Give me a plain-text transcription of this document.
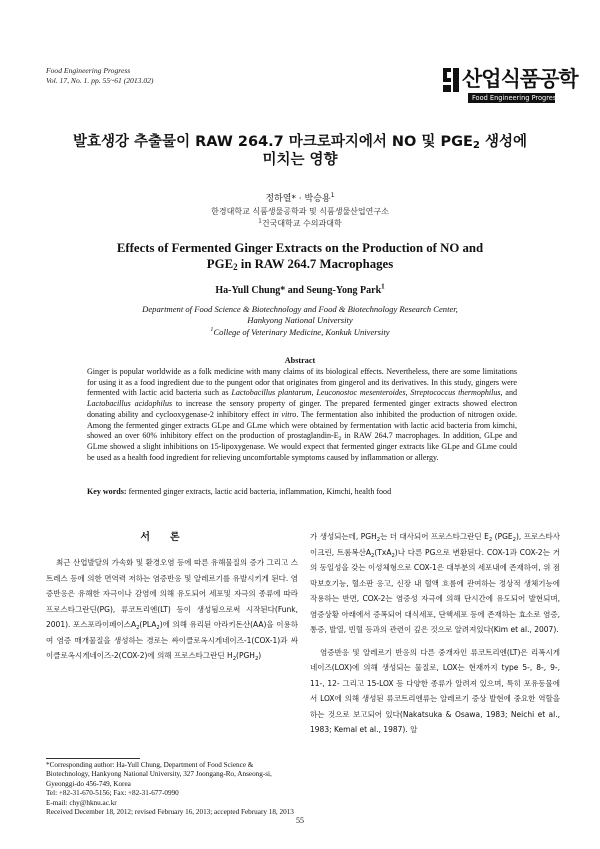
Food Engineering Progress
Vol. 17, No. 1. pp. 55~61 (2013.02)	산업식품공학
Food Engineering Progress
발효생강 추출물이 RAW 264.7 마크로파지에서 NO 및 $PGE_2$ 생성에
미치는 영향
정하열* · 박승용$^1$
한경대학교 식품생물공학과 및 식품생물산업연구소
$^1$건국대학교 수의과대학
Effects of Fermented Ginger Extracts on the Production of NO and
$PGE_2$ in RAW 264.7 Macrophages
Ha-Yull Chung* and Seung-Yong Park$^1$
Department of Food Science & Biotechnology and Food & Biotechnology Research Center,
Hankyong National University
$^1$College of Veterinary Medicine, Konkuk University
Abstract
Ginger is popular worldwide as a folk medicine with many claims of its biological effects. Nevertheless, there are some limitations for using it as a food ingredient due to the pungent odor that originates from gingerol and its derivatives. In this study, gingers were fermented with lactic acid bacteria such as Lactobacillus plantarum, Leuconostoc mesenteroides, Streptococcus thermophilus, and Lactobacillus acidophilus to increase the sensory property of ginger. The prepared fermented ginger extracts showed electron donating ability and cyclooxygenase-2 inhibitory effect in vitro. The fermentation also inhibited the production of nitrogen oxide. Among the fermented ginger extracts GLpe and GLme which were obtained by fermentation with lactic acid bacteria from kimchi, showed an over 60% inhibitory effect on the production of prostaglandin-$E_2$ in RAW 264.7 macrophages. In addition, GLpe and GLme showed a slight inhibitions on 15-lipoxygenase. We would expect that fermented ginger extracts like GLpe and GLme could be used as a health food ingredient for relieving uncomfortable symptoms caused by inflammation or allergy.
Key words: fermented ginger extracts, lactic acid bacteria, inflammation, Kimchi, health food
서론
최근 산업발달의 가속화 및 환경오염 등에 따른 유해물질의 증가 그리고 스트레스 등에 의한 면역력 저하는 염증반응 및 알레르기를 유발시키게 된다. 염증반응은 유해한 자극이나 감염에 의해 유도되어 세포및 자극의 종류에 따라 프로스타그란딘(PG), 류코트리엔(LT) 등이 생성됨으로써 시작된다(Funk, 2001). 포스포라이페이스$A_2(PLA_2)$에 의해 유리된 아라키돈산(AA)을 이용하여 염증 매개물질을 생성하는 경로는 싸이클로옥시게네이즈-1(COX-1)과 싸이클로옥시게네이즈-2(COX-2)에 의해 프로스타그란딘 $H_2(PGH_2)$

가 생성되는데, $PGH_2$는 더 대사되어 프로스타그란딘 $E_2$ $(PGE_2)$, 프로스타사이크린, 트롬복산$A_2(TxA_2)$나 다른 PG으로 변환된다. COX-1과 COX-2는 거의 동일성을 갖는 이성체형으로 COX-1은 대부분의 세포내에 존재하여, 위 점막보호기능, 혈소판 응고, 신장 내 혈액 흐름에 관여하는 정상적 생체기능에 작용하는 반면, COX-2는 염증성 자극에 의해 단시간에 유도되어 발현되며, 염증상황 아래에서 증폭되어 대식세포, 단핵세포 등에 존재하는 효소로 염증, 통증, 발열, 빈혈 등과의 관련이 깊은 것으로 알려져있다(Kim et al., 2007).

염증반응 및 알레르기 반응의 다른 중개자인 류코트리엔(LT)은 리폭시게네이즈(LOX)에 의해 생성되는 물질로, LOX는 현재까지 type 5-, 8-, 9-, 11-, 12- 그리고 15-LOX 등 다양한 종류가 알려져 있으며, 특히 포유동물에서 LOX에 의해 생성된 류코트리엔류는 알레르기 증상 발현에 중요한 역할을 하는 것으로 보고되어 있다(Nakatsuka & Osawa, 1983; Neichi et al., 1983; Kemal et al., 1987). 알

*Corresponding author: Ha-Yull Chung, Department of Food Science & Biotechnology, Hankyong National University, 327 Joongang-Ro, Anseong-si, Gyeonggi-do 456-749, Korea
Tel: +82-31-670-5156; Fax: +82-31-677-0990
E-mail: chy@hknu.ac.kr
Received December 18, 2012; revised February 16, 2013; accepted February 18, 2013
55
